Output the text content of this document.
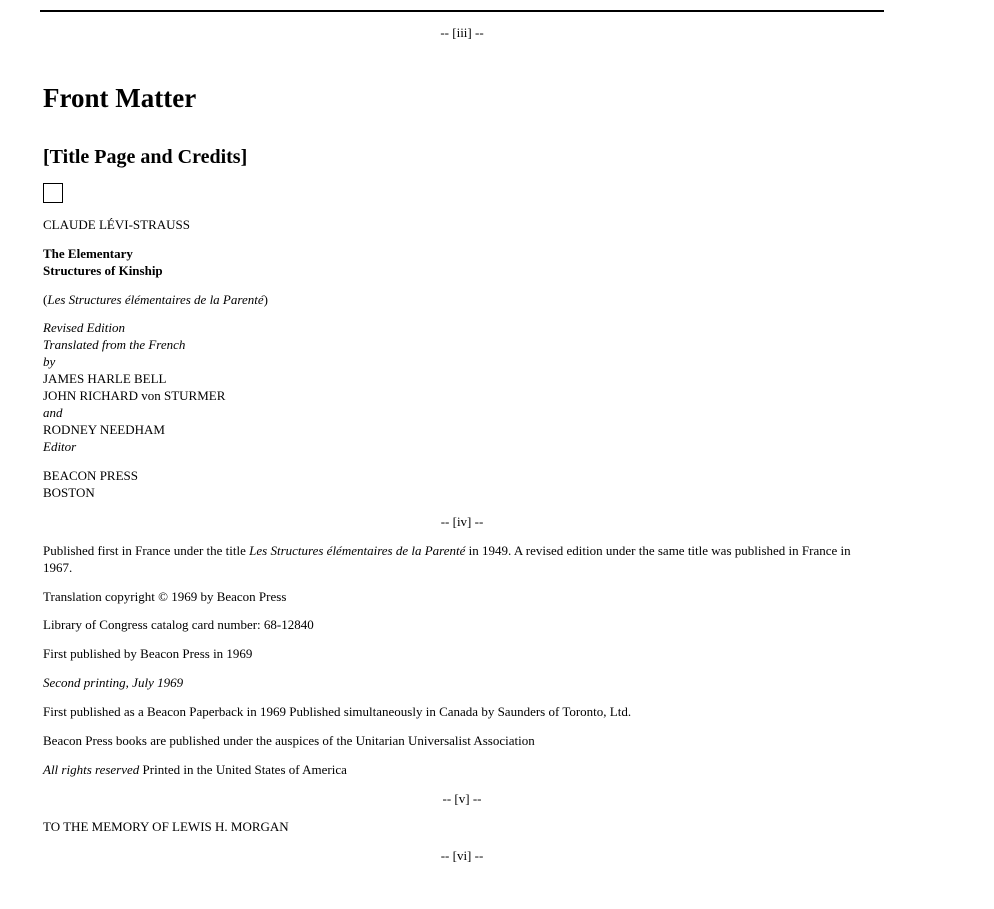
-- [iii] --
Front Matter
[Title Page and Credits]
CLAUDE LÉVI-STRAUSS
The Elementary
Structures of Kinship
(Les Structures élémentaires de la Parenté)
Revised Edition
Translated from the French
by
JAMES HARLE BELL
JOHN RICHARD von STURMER
and
RODNEY NEEDHAM
Editor
BEACON PRESS
BOSTON
-- [iv] --
Published first in France under the title Les Structures élémentaires de la Parenté in 1949. A revised edition under the same title was published in France in 1967.
Translation copyright © 1969 by Beacon Press
Library of Congress catalog card number: 68-12840
First published by Beacon Press in 1969
Second printing, July 1969
First published as a Beacon Paperback in 1969 Published simultaneously in Canada by Saunders of Toronto, Ltd.
Beacon Press books are published under the auspices of the Unitarian Universalist Association
All rights reserved Printed in the United States of America
-- [v] --
TO THE MEMORY OF LEWIS H. MORGAN
-- [vi] --
